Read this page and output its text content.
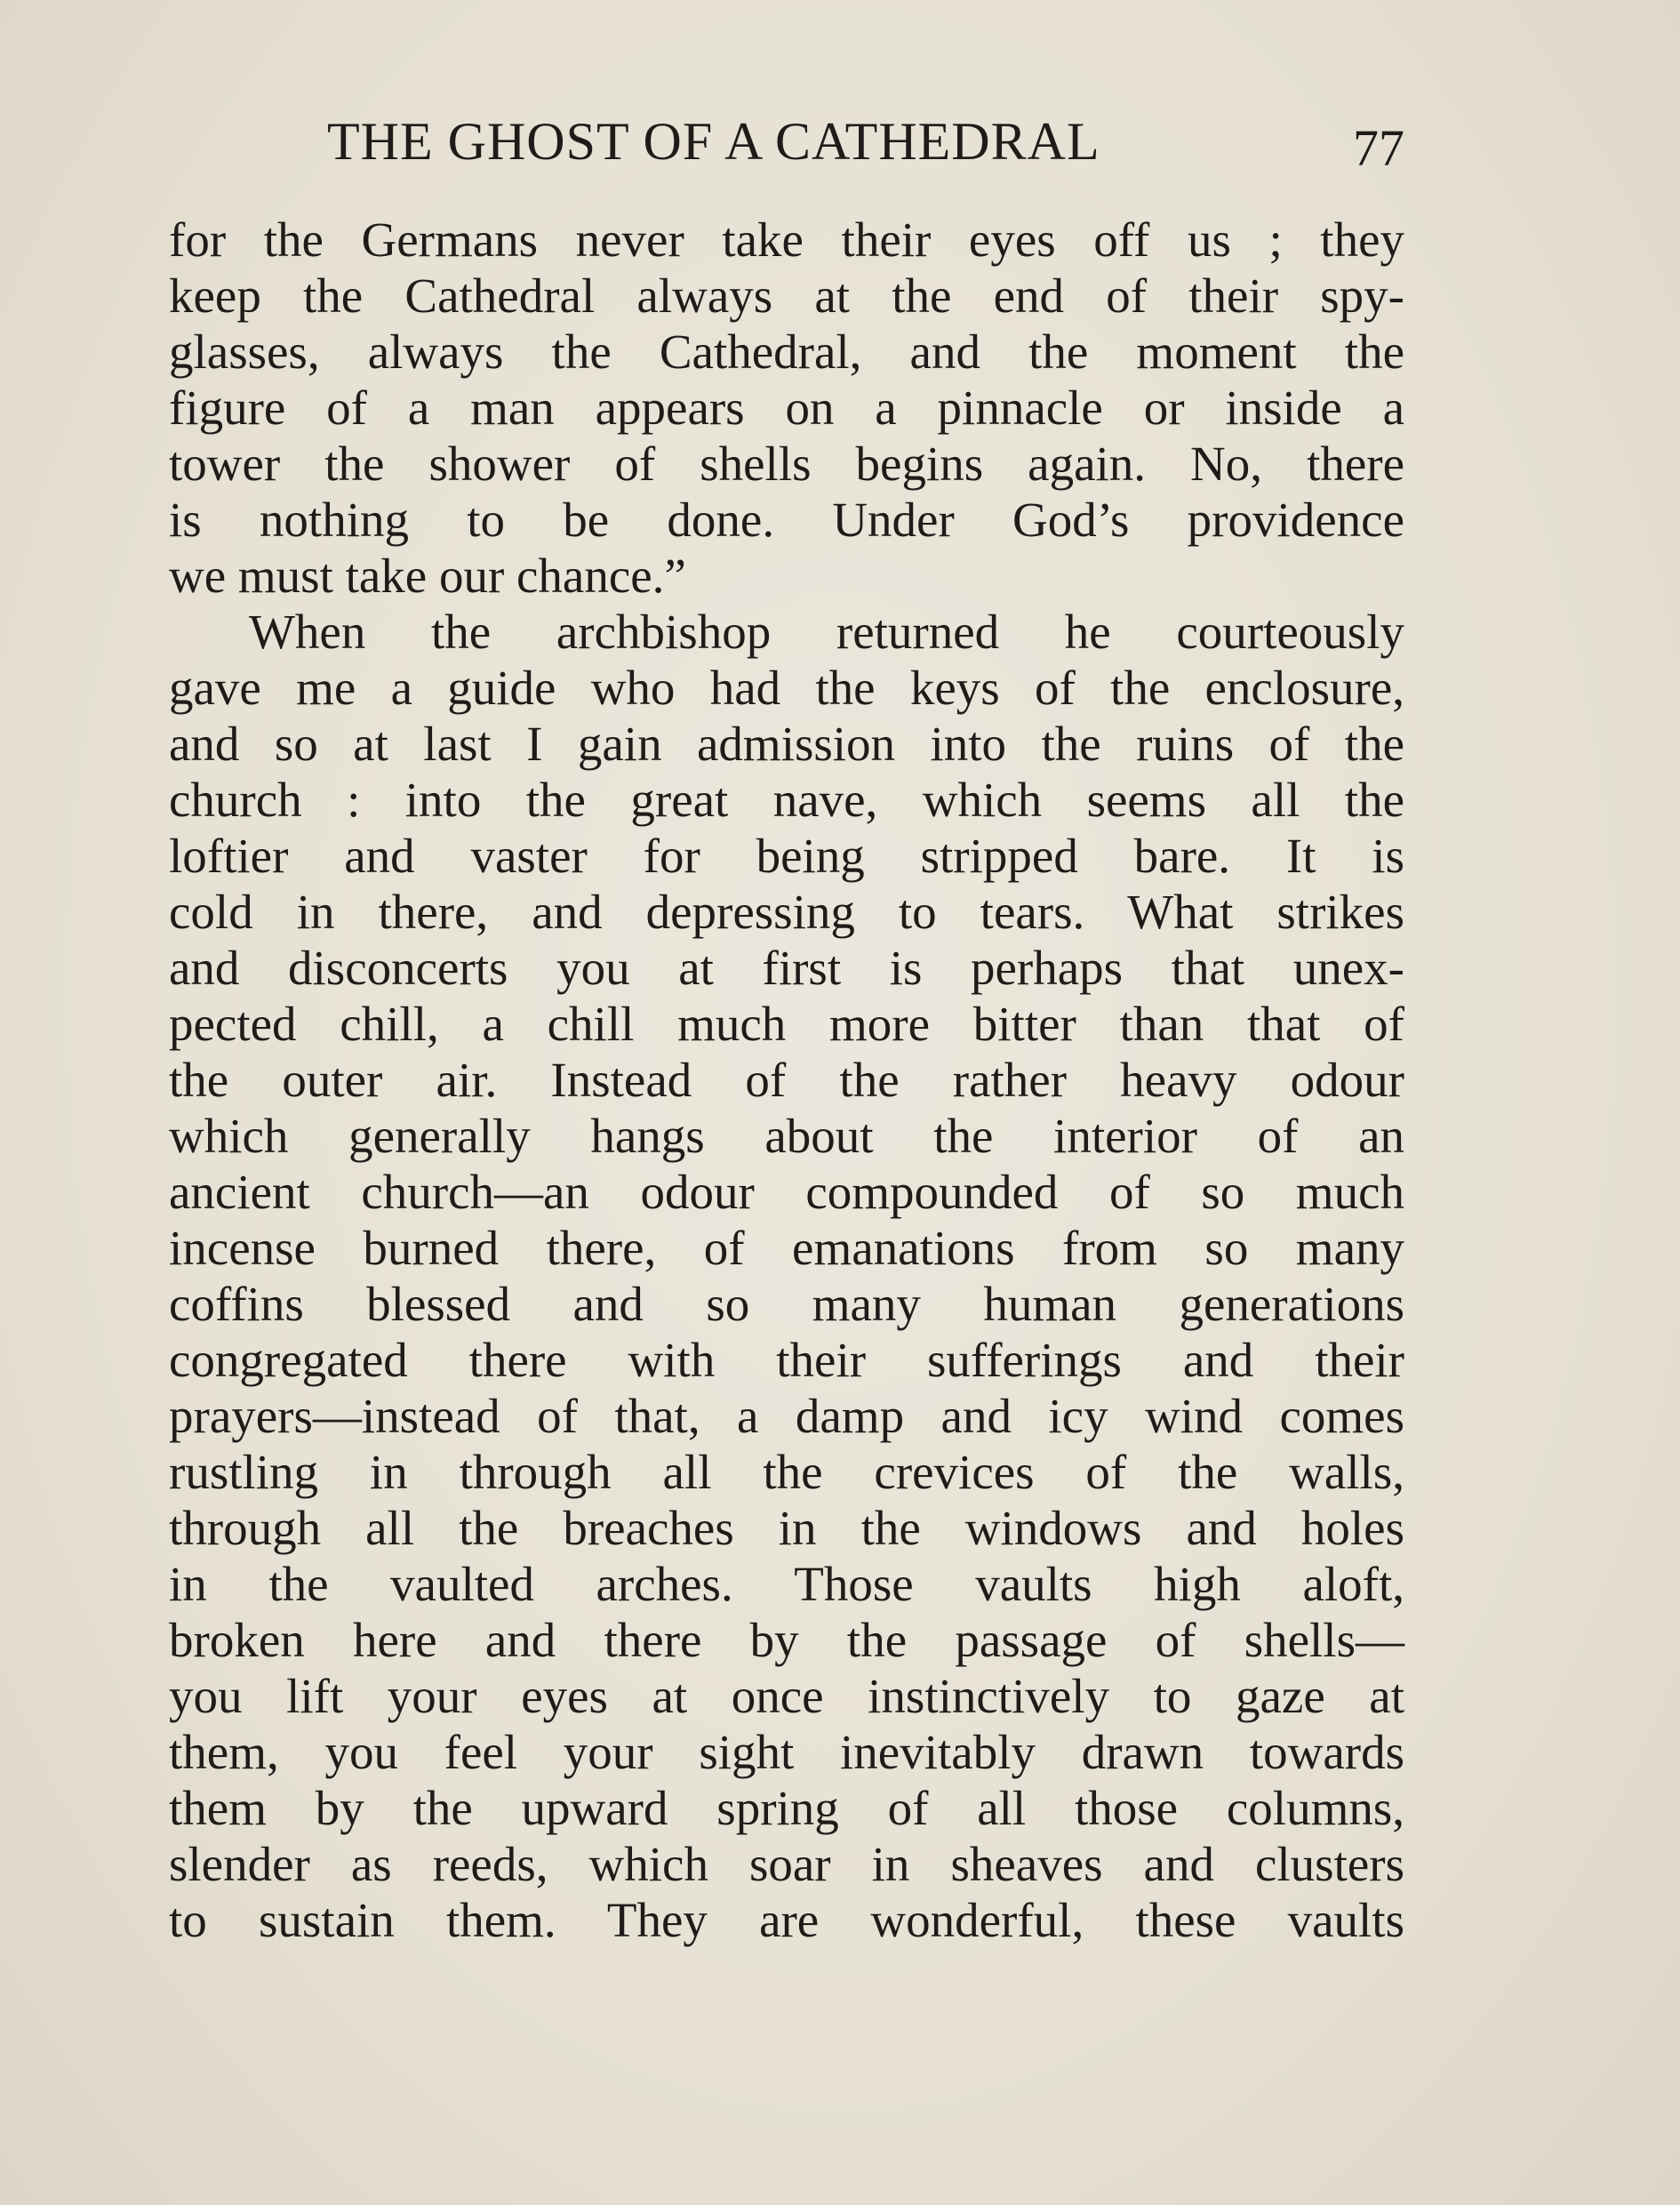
THE GHOST OF A CATHEDRAL	77
for the Germans never take their eyes off us ; they
keep the Cathedral always at the end of their spy-
glasses, always the Cathedral, and the moment the
figure of a man appears on a pinnacle or inside a
tower the shower of shells begins again. No, there
is nothing to be done. Under God’s providence
we must take our chance.”
When the archbishop returned he courteously
gave me a guide who had the keys of the enclosure,
and so at last I gain admission into the ruins of the
church : into the great nave, which seems all the
loftier and vaster for being stripped bare. It is
cold in there, and depressing to tears. What strikes
and disconcerts you at first is perhaps that unex-
pected chill, a chill much more bitter than that of
the outer air. Instead of the rather heavy odour
which generally hangs about the interior of an
ancient church—an odour compounded of so much
incense burned there, of emanations from so many
coffins blessed and so many human generations
congregated there with their sufferings and their
prayers—instead of that, a damp and icy wind comes
rustling in through all the crevices of the walls,
through all the breaches in the windows and holes
in the vaulted arches. Those vaults high aloft,
broken here and there by the passage of shells—
you lift your eyes at once instinctively to gaze at
them, you feel your sight inevitably drawn towards
them by the upward spring of all those columns,
slender as reeds, which soar in sheaves and clusters
to sustain them. They are wonderful, these vaults
